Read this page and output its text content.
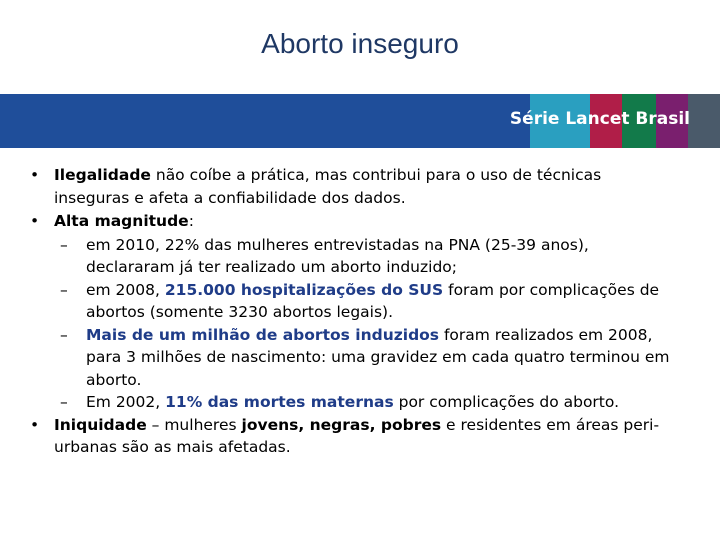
Aborto inseguro
Série Lancet Brasil
• Ilegalidade não coíbe a prática, mas contribui para o uso de técnicas inseguras e afeta a confiabilidade dos dados.
• Alta magnitude:
– em 2010, 22% das mulheres entrevistadas na PNA (25-39 anos), declararam já ter realizado um aborto induzido;
– em 2008, 215.000 hospitalizações do SUS foram por complicações de abortos (somente 3230 abortos legais).
– Mais de um milhão de abortos induzidos foram realizados em 2008, para 3 milhões de nascimento: uma gravidez em cada quatro terminou em aborto.
– Em 2002, 11% das mortes maternas por complicações do aborto.
• Iniquidade – mulheres jovens, negras, pobres e residentes em áreas peri-urbanas são as mais afetadas.
